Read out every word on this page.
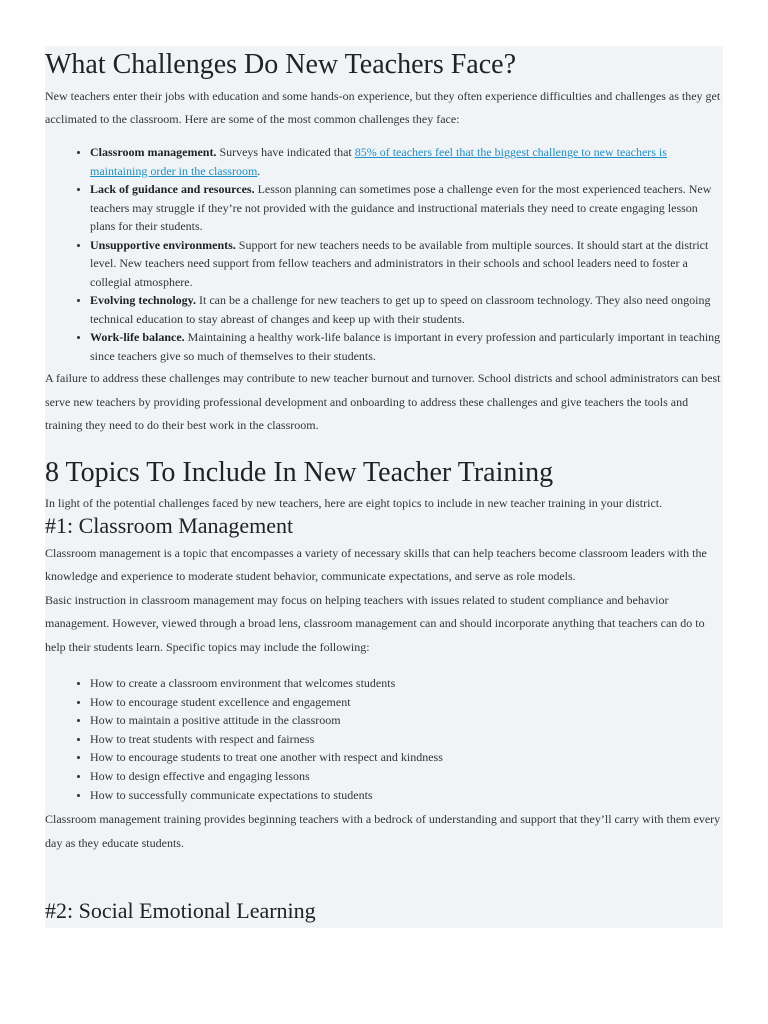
What Challenges Do New Teachers Face?

New teachers enter their jobs with education and some hands-on experience, but they often experience difficulties and challenges as they get acclimated to the classroom. Here are some of the most common challenges they face:

• Classroom management. Surveys have indicated that 85% of teachers feel that the biggest challenge to new teachers is maintaining order in the classroom.
• Lack of guidance and resources. Lesson planning can sometimes pose a challenge even for the most experienced teachers. New teachers may struggle if they’re not provided with the guidance and instructional materials they need to create engaging lesson plans for their students.
• Unsupportive environments. Support for new teachers needs to be available from multiple sources. It should start at the district level. New teachers need support from fellow teachers and administrators in their schools and school leaders need to foster a collegial atmosphere.
• Evolving technology. It can be a challenge for new teachers to get up to speed on classroom technology. They also need ongoing technical education to stay abreast of changes and keep up with their students.
• Work-life balance. Maintaining a healthy work-life balance is important in every profession and particularly important in teaching since teachers give so much of themselves to their students.

A failure to address these challenges may contribute to new teacher burnout and turnover. School districts and school administrators can best serve new teachers by providing professional development and onboarding to address these challenges and give teachers the tools and training they need to do their best work in the classroom.

8 Topics To Include In New Teacher Training

In light of the potential challenges faced by new teachers, here are eight topics to include in new teacher training in your district.

#1: Classroom Management

Classroom management is a topic that encompasses a variety of necessary skills that can help teachers become classroom leaders with the knowledge and experience to moderate student behavior, communicate expectations, and serve as role models.

Basic instruction in classroom management may focus on helping teachers with issues related to student compliance and behavior management. However, viewed through a broad lens, classroom management can and should incorporate anything that teachers can do to help their students learn. Specific topics may include the following:

• How to create a classroom environment that welcomes students
• How to encourage student excellence and engagement
• How to maintain a positive attitude in the classroom
• How to treat students with respect and fairness
• How to encourage students to treat one another with respect and kindness
• How to design effective and engaging lessons
• How to successfully communicate expectations to students

Classroom management training provides beginning teachers with a bedrock of understanding and support that they’ll carry with them every day as they educate students.

#2: Social Emotional Learning
